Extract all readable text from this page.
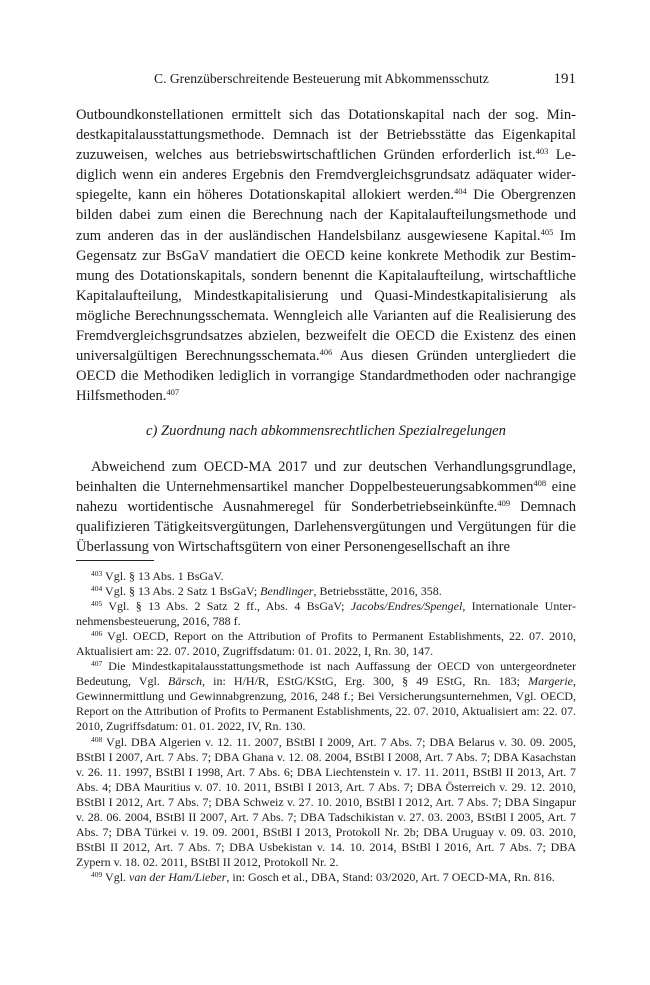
C. Grenzüberschreitende Besteuerung mit Abkommensschutz	191

Outboundkonstellationen ermittelt sich das Dotationskapital nach der sog. Mindestkapitalausstattungsmethode. Demnach ist der Betriebsstätte das Eigenkapital zuzuweisen, welches aus betriebswirtschaftlichen Gründen erforderlich ist.$^{403}$ Lediglich wenn ein anderes Ergebnis den Fremdvergleichsgrundsatz adäquater widerspiegelte, kann ein höheres Dotationskapital allokiert werden.$^{404}$ Die Obergrenzen bilden dabei zum einen die Berechnung nach der Kapitalaufteilungsmethode und zum anderen das in der ausländischen Handelsbilanz ausgewiesene Kapital.$^{405}$ Im Gegensatz zur BsGaV mandatiert die OECD keine konkrete Methodik zur Bestimmung des Dotationskapitals, sondern benennt die Kapitalaufteilung, wirtschaftliche Kapitalaufteilung, Mindestkapitalisierung und Quasi-Mindestkapitalisierung als mögliche Berechnungsschemata. Wenngleich alle Varianten auf die Realisierung des Fremdvergleichsgrundsatzes abzielen, bezweifelt die OECD die Existenz des einen universalgültigen Berechnungsschemata.$^{406}$ Aus diesen Gründen untergliedert die OECD die Methodiken lediglich in vorrangige Standardmethoden oder nachrangige Hilfsmethoden.$^{407}$

c) Zuordnung nach abkommensrechtlichen Spezialregelungen

Abweichend zum OECD-MA 2017 und zur deutschen Verhandlungsgrundlage, beinhalten die Unternehmensartikel mancher Doppelbesteuerungsabkommen$^{408}$ eine nahezu wortidentische Ausnahmeregel für Sonderbetriebseinkünfte.$^{409}$ Demnach qualifizieren Tätigkeitsvergütungen, Darlehensvergütungen und Vergütungen für die Überlassung von Wirtschaftsgütern von einer Personengesellschaft an ihre

$^{403}$ Vgl. § 13 Abs. 1 BsGaV.

$^{404}$ Vgl. § 13 Abs. 2 Satz 1 BsGaV; Bendlinger, Betriebsstätte, 2016, 358.

$^{405}$ Vgl. § 13 Abs. 2 Satz 2 ff., Abs. 4 BsGaV; Jacobs/Endres/Spengel, Internationale Unternehmensbesteuerung, 2016, 788 f.

$^{406}$ Vgl. OECD, Report on the Attribution of Profits to Permanent Establishments, 22. 07. 2010, Aktualisiert am: 22. 07. 2010, Zugriffsdatum: 01. 01. 2022, I, Rn. 30, 147.

$^{407}$ Die Mindestkapitalausstattungsmethode ist nach Auffassung der OECD von untergeordneter Bedeutung, Vgl. Bärsch, in: H/H/R, EStG/KStG, Erg. 300, § 49 EStG, Rn. 183; Margerie, Gewinnermittlung und Gewinnabgrenzung, 2016, 248 f.; Bei Versicherungsunternehmen, Vgl. OECD, Report on the Attribution of Profits to Permanent Establishments, 22. 07. 2010, Aktualisiert am: 22. 07. 2010, Zugriffsdatum: 01. 01. 2022, IV, Rn. 130.

$^{408}$ Vgl. DBA Algerien v. 12. 11. 2007, BStBl I 2009, Art. 7 Abs. 7; DBA Belarus v. 30. 09. 2005, BStBl I 2007, Art. 7 Abs. 7; DBA Ghana v. 12. 08. 2004, BStBl I 2008, Art. 7 Abs. 7; DBA Kasachstan v. 26. 11. 1997, BStBl I 1998, Art. 7 Abs. 6; DBA Liechtenstein v. 17. 11. 2011, BStBl II 2013, Art. 7 Abs. 4; DBA Mauritius v. 07. 10. 2011, BStBl I 2013, Art. 7 Abs. 7; DBA Österreich v. 29. 12. 2010, BStBl I 2012, Art. 7 Abs. 7; DBA Schweiz v. 27. 10. 2010, BStBl I 2012, Art. 7 Abs. 7; DBA Singapur v. 28. 06. 2004, BStBl II 2007, Art. 7 Abs. 7; DBA Tadschikistan v. 27. 03. 2003, BStBl I 2005, Art. 7 Abs. 7; DBA Türkei v. 19. 09. 2001, BStBl I 2013, Protokoll Nr. 2b; DBA Uruguay v. 09. 03. 2010, BStBl II 2012, Art. 7 Abs. 7; DBA Usbekistan v. 14. 10. 2014, BStBl I 2016, Art. 7 Abs. 7; DBA Zypern v. 18. 02. 2011, BStBl II 2012, Protokoll Nr. 2.

$^{409}$ Vgl. van der Ham/Lieber, in: Gosch et al., DBA, Stand: 03/2020, Art. 7 OECD-MA, Rn. 816.
